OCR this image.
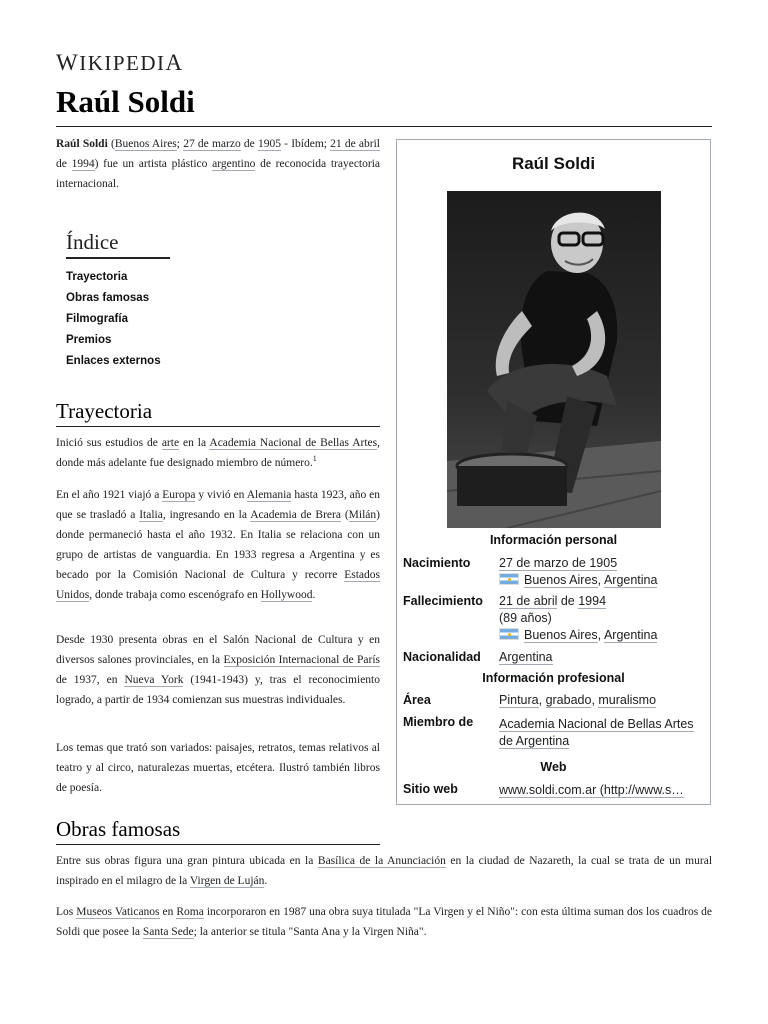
WIKIPEDIA
Raúl Soldi

Raúl Soldi (Buenos Aires; 27 de marzo de 1905 - Ibídem; 21 de abril de 1994) fue un artista plástico argentino de reconocida trayectoria internacional.

Índice
Trayectoria
Obras famosas
Filmografía
Premios
Enlaces externos
Trayectoria

Inició sus estudios de arte en la Academia Nacional de Bellas Artes, donde más adelante fue designado miembro de número.$^1$

En el año 1921 viajó a Europa y vivió en Alemania hasta 1923, año en que se trasladó a Italia, ingresando en la Academia de Brera (Milán) donde permaneció hasta el año 1932. En Italia se relaciona con un grupo de artistas de vanguardia. En 1933 regresa a Argentina y es becado por la Comisión Nacional de Cultura y recorre Estados Unidos, donde trabaja como escenógrafo en Hollywood.

Desde 1930 presenta obras en el Salón Nacional de Cultura y en diversos salones provinciales, en la Exposición Internacional de París de 1937, en Nueva York (1941-1943) y, tras el reconocimiento logrado, a partir de 1934 comienzan sus muestras individuales.

Los temas que trató son variados: paisajes, retratos, temas relativos al teatro y al circo, naturalezas muertas, etcétera. Ilustró también libros de poesía.

Obras famosas

Entre sus obras figura una gran pintura ubicada en la Basílica de la Anunciación en la ciudad de Nazareth, la cual se trata de un mural inspirado en el milagro de la Virgen de Luján.

Los Museos Vaticanos en Roma incorporaron en 1987 una obra suya titulada "La Virgen y el Niño": con esta última suman dos los cuadros de Soldi que posee la Santa Sede; la anterior se titula "Santa Ana y la Virgen Niña".

Raúl Soldi
Información personal
Nacimiento 27 de marzo de 1905
Buenos Aires, Argentina
Fallecimiento 21 de abril de 1994
(89 años)
Buenos Aires, Argentina
Nacionalidad Argentina
Información profesional
Área	Pintura, grabado, muralismo
Miembro de Academia Nacional de Bellas Artes de Argentina
Web
Sitio web	www.soldi.com.ar (http://www.s…
